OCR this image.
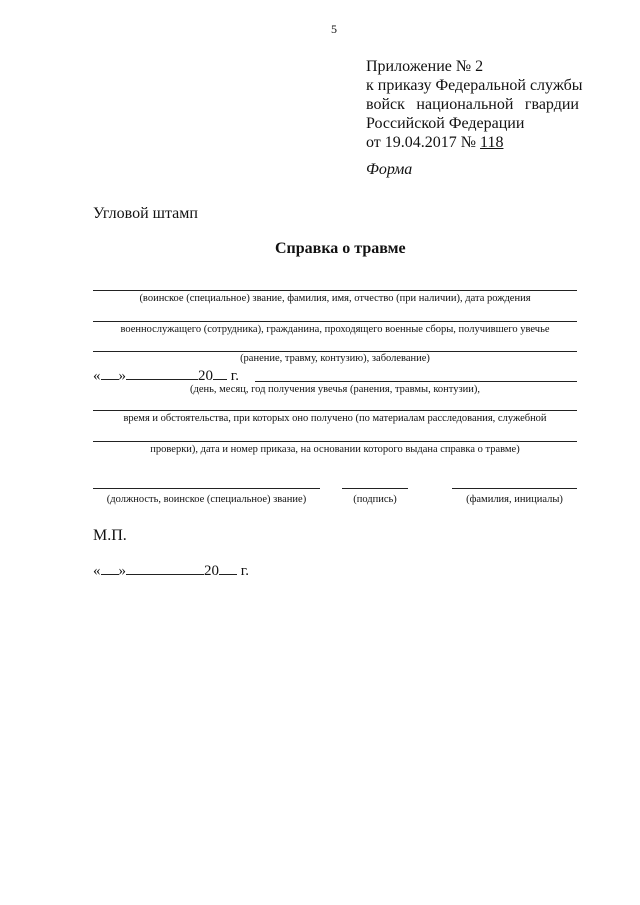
5
Приложение № 2
к приказу Федеральной службы
войск национальной гвардии
Российской Федерации
от 19.04.2017 № 118
Форма
Угловой штамп
Справка о травме
(воинское (специальное) звание, фамилия, имя, отчество (при наличии), дата рождения
военнослужащего (сотрудника), гражданина, проходящего военные сборы, получившего увечье
(ранение, травму, контузию), заболевание)
« »	20 г.
(день, месяц, год получения увечья (ранения, травмы, контузии),
время и обстоятельства, при которых оно получено (по материалам расследования, служебной
проверки), дата и номер приказа, на основании которого выдана справка о травме)
(должность, воинское (специальное) звание)	(подпись)	(фамилия, инициалы)
М.П.
« »	20 г.
